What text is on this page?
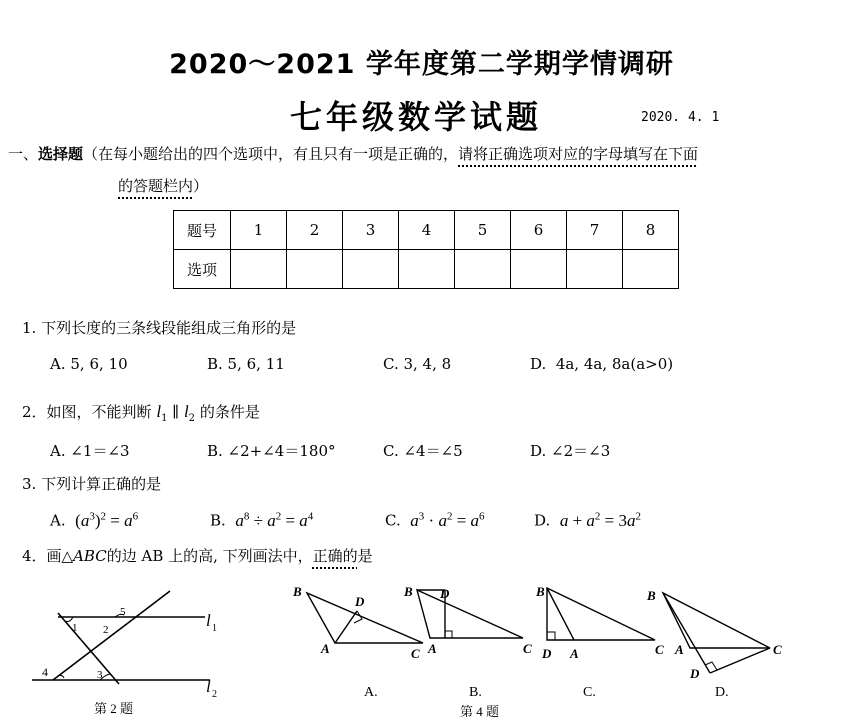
2020～2021 学年度第二学期学情调研
七年级数学试题	2020. 4. 1
一、选择题（在每小题给出的四个选项中，有且只有一项是正确的，请将正确选项对应的字母填写在下面
的答题栏内）
题号	1	2	3	4	5	6	7	8
选项								
1. 下列长度的三条线段能组成三角形的是
A. 5, 6, 10	B. 5, 6, 11	C. 3, 4, 8	D. 4a, 4a, 8a(a>0)
2．如图，不能判断 $l_1$ ∥ $l_2$ 的条件是
A. ∠1＝∠3	B. ∠2+∠4＝180°	C. ∠4＝∠5	D. ∠2＝∠3
3. 下列计算正确的是
A. $(a^3)^2 = a^6$	B. $a^8 \div a^2 = a^4$	C. $a^3 \cdot a^2 = a^6$	D. $a + a^2 = 3a^2$
4．画△ABC的边 AB 上的高, 下列画法中，正确的是
1 2
3
4
5	l 1
l 2
第 2 题
B
A	C
D
B D
A	C
B
D A	C
B
A	C
D
A.	B.	C.	D.
第 4 题
